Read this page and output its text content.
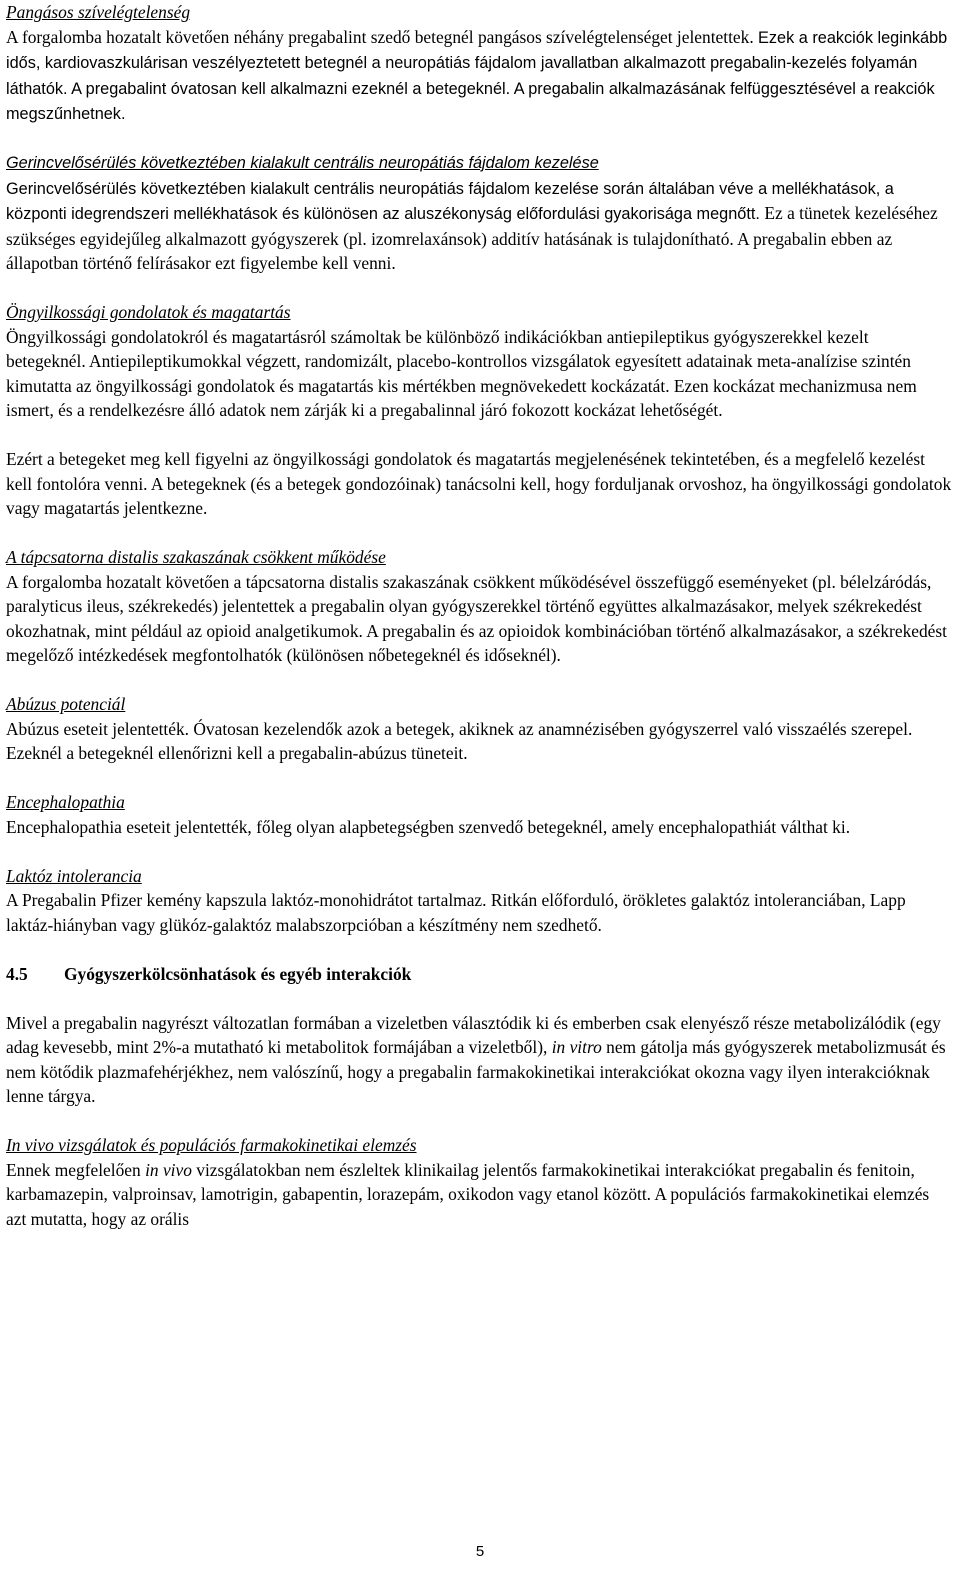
Pangásos szívelégtelenség

A forgalomba hozatalt követően néhány pregabalint szedő betegnél pangásos szívelégtelenséget jelentettek. Ezek a reakciók leginkább idős, kardiovaszkulárisan veszélyeztetett betegnél a neuropátiás fájdalom javallatban alkalmazott pregabalin-kezelés folyamán láthatók. A pregabalint óvatosan kell alkalmazni ezeknél a betegeknél. A pregabalin alkalmazásának felfüggesztésével a reakciók megszűnhetnek.

Gerincvelősérülés következtében kialakult centrális neuropátiás fájdalom kezelése

Gerincvelősérülés következtében kialakult centrális neuropátiás fájdalom kezelése során általában véve a mellékhatások, a központi idegrendszeri mellékhatások és különösen az aluszékonyság előfordulási gyakorisága megnőtt. Ez a tünetek kezeléséhez szükséges egyidejűleg alkalmazott gyógyszerek (pl. izomrelaxánsok) additív hatásának is tulajdonítható. A pregabalin ebben az állapotban történő felírásakor ezt figyelembe kell venni.

Öngyilkossági gondolatok és magatartás

Öngyilkossági gondolatokról és magatartásról számoltak be különböző indikációkban antiepileptikus gyógyszerekkel kezelt betegeknél. Antiepileptikumokkal végzett, randomizált, placebo-kontrollos vizsgálatok egyesített adatainak meta-analízise szintén kimutatta az öngyilkossági gondolatok és magatartás kis mértékben megnövekedett kockázatát. Ezen kockázat mechanizmusa nem ismert, és a rendelkezésre álló adatok nem zárják ki a pregabalinnal járó fokozott kockázat lehetőségét.

Ezért a betegeket meg kell figyelni az öngyilkossági gondolatok és magatartás megjelenésének tekintetében, és a megfelelő kezelést kell fontolóra venni. A betegeknek (és a betegek gondozóinak) tanácsolni kell, hogy forduljanak orvoshoz, ha öngyilkossági gondolatok vagy magatartás jelentkezne.

A tápcsatorna distalis szakaszának csökkent működése

A forgalomba hozatalt követően a tápcsatorna distalis szakaszának csökkent működésével összefüggő eseményeket (pl. bélelzáródás, paralyticus ileus, székrekedés) jelentettek a pregabalin olyan gyógyszerekkel történő együttes alkalmazásakor, melyek székrekedést okozhatnak, mint például az opioid analgetikumok. A pregabalin és az opioidok kombinációban történő alkalmazásakor, a székrekedést megelőző intézkedések megfontolhatók (különösen nőbetegeknél és időseknél).

Abúzus potenciál

Abúzus eseteit jelentették. Óvatosan kezelendők azok a betegek, akiknek az anamnézisében gyógyszerrel való visszaélés szerepel. Ezeknél a betegeknél ellenőrizni kell a pregabalin-abúzus tüneteit.

Encephalopathia

Encephalopathia eseteit jelentették, főleg olyan alapbetegségben szenvedő betegeknél, amely encephalopathiát válthat ki.

Laktóz intolerancia

A Pregabalin Pfizer kemény kapszula laktóz-monohidrátot tartalmaz. Ritkán előforduló, örökletes galaktóz intoleranciában, Lapp laktáz-hiányban vagy glükóz-galaktóz malabszorpcióban a készítmény nem szedhető.

4.5	Gyógyszerkölcsönhatások és egyéb interakciók

Mivel a pregabalin nagyrészt változatlan formában a vizeletben választódik ki és emberben csak elenyésző része metabolizálódik (egy adag kevesebb, mint 2%-a mutatható ki metabolitok formájában a vizeletből), in vitro nem gátolja más gyógyszerek metabolizmusát és nem kötődik plazmafehérjékhez, nem valószínű, hogy a pregabalin farmakokinetikai interakciókat okozna vagy ilyen interakcióknak lenne tárgya.

In vivo vizsgálatok és populációs farmakokinetikai elemzés

Ennek megfelelően in vivo vizsgálatokban nem észleltek klinikailag jelentős farmakokinetikai interakciókat pregabalin és fenitoin, karbamazepin, valproinsav, lamotrigin, gabapentin, lorazepám, oxikodon vagy etanol között. A populációs farmakokinetikai elemzés azt mutatta, hogy az orális

5
